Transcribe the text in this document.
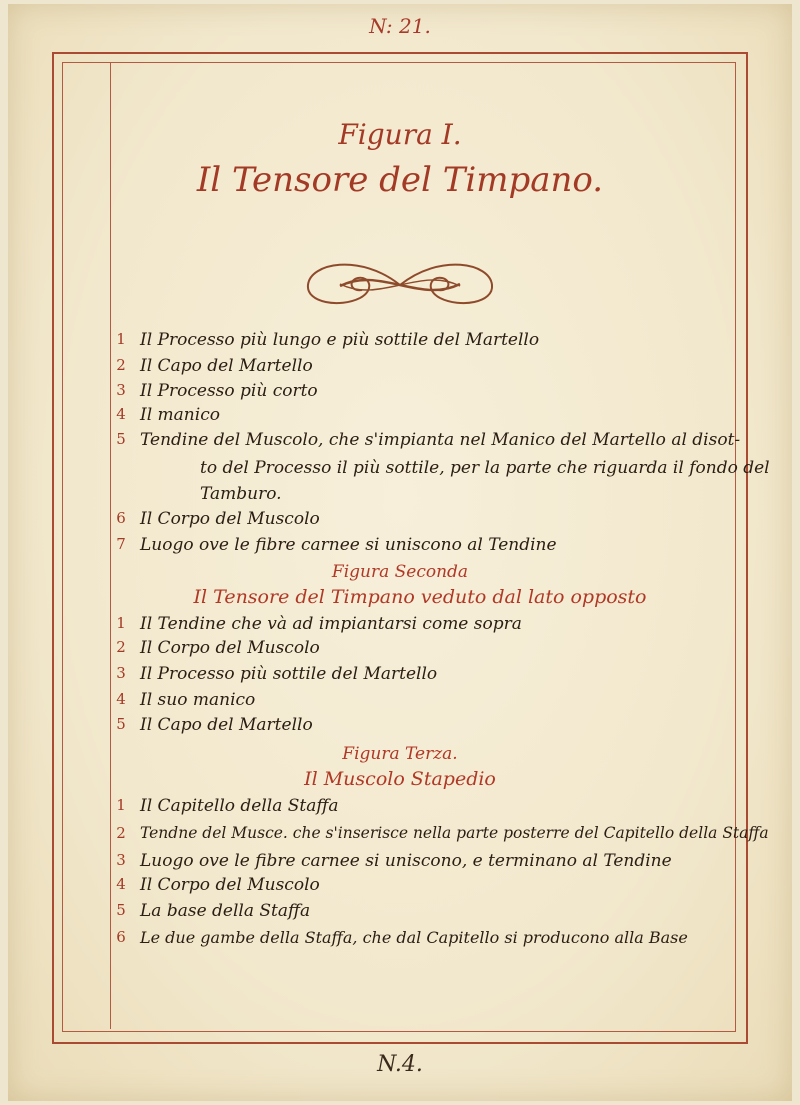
N: 21.
Figura I.
Il Tensore del Timpano.
1 Il Processo più lungo e più sottile del Martello
2 Il Capo del Martello
3 Il Processo più corto
4 Il manico
5 Tendine del Muscolo, che s'impianta nel Manico del Martello al disot-
to del Processo il più sottile, per la parte che riguarda il fondo del
Tamburo.
6 Il Corpo del Muscolo
7 Luogo ove le fibre carnee si uniscono al Tendine
Figura Seconda
Il Tensore del Timpano veduto dal lato opposto
1 Il Tendine che và ad impiantarsi come sopra
2 Il Corpo del Muscolo
3 Il Processo più sottile del Martello
4 Il suo manico
5 Il Capo del Martello
Figura Terza.
Il Muscolo Stapedio
1 Il Capitello della Staffa
2 Tendne del Musce. che s'inserisce nella parte posterre del Capitello della Staffa
3 Luogo ove le fibre carnee si uniscono, e terminano al Tendine
4 Il Corpo del Muscolo
5 La base della Staffa
6 Le due gambe della Staffa, che dal Capitello si producono alla Base
N.4.
